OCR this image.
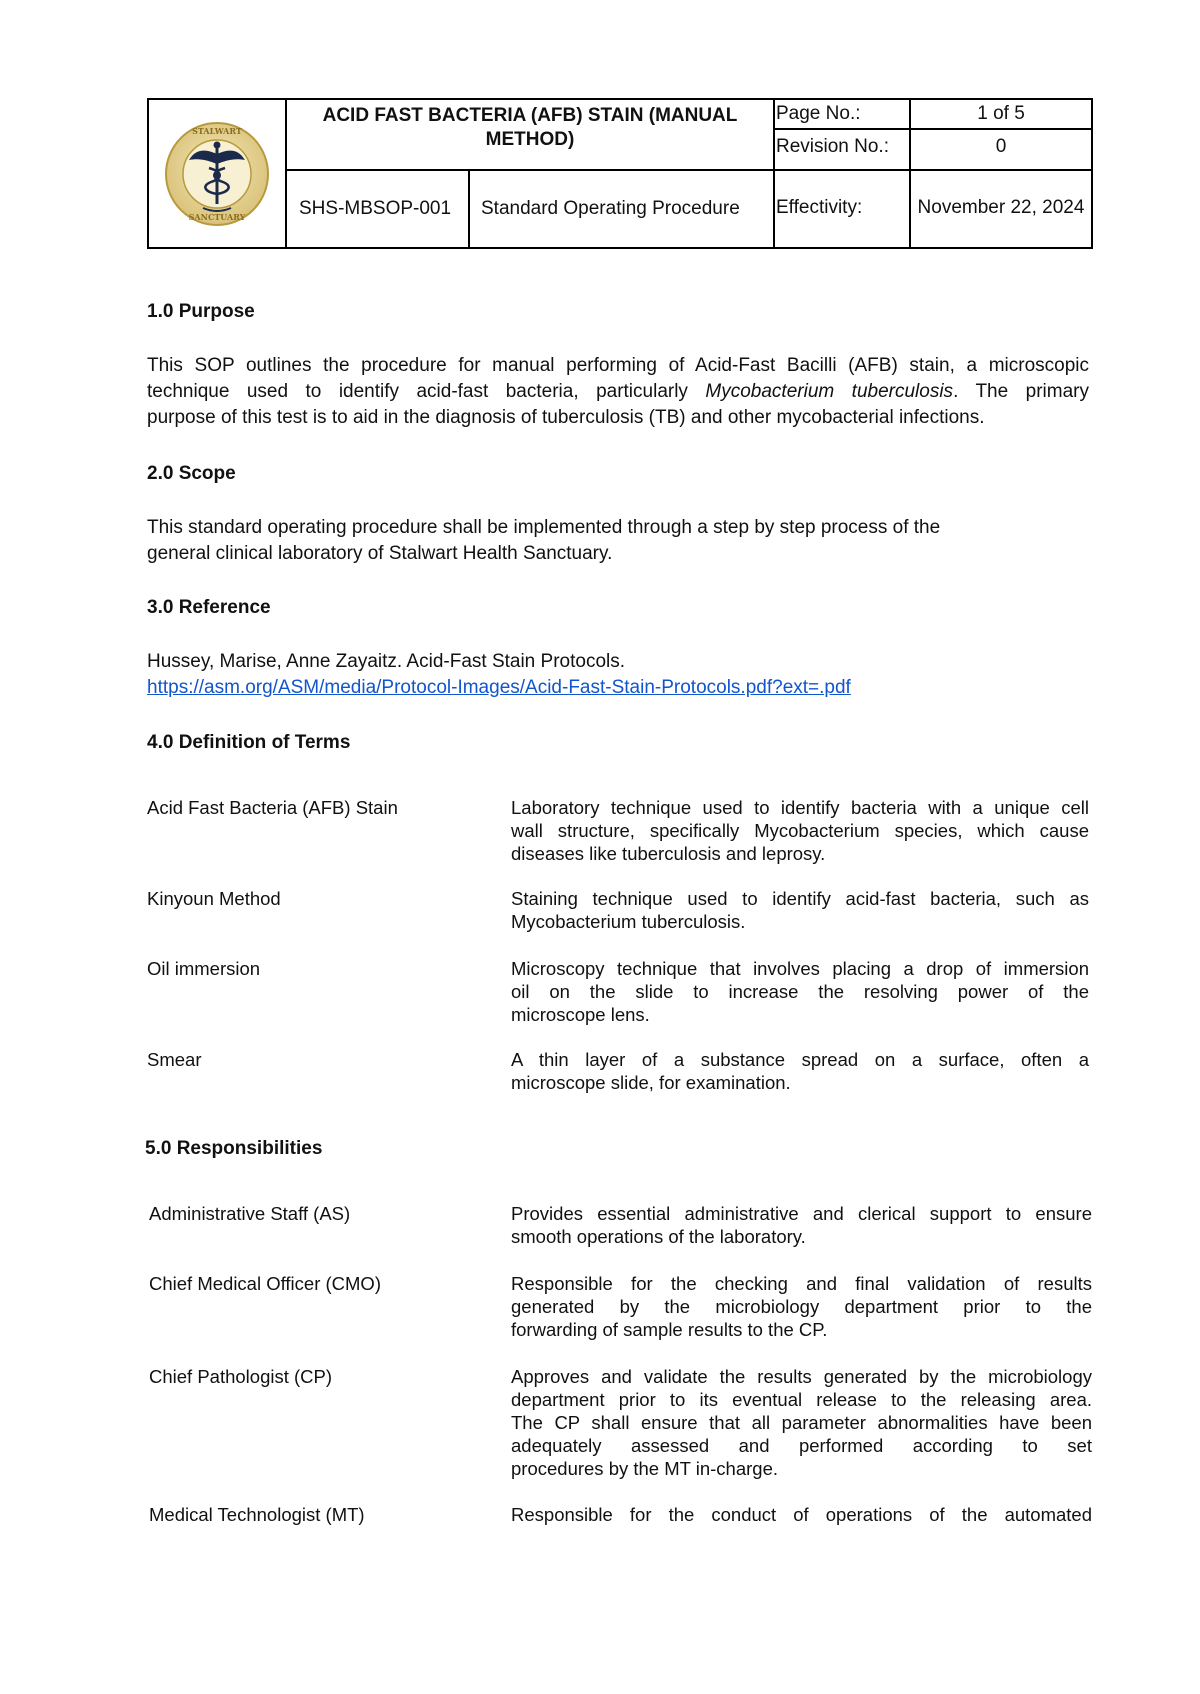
STALWART
SANCTUARY
ACID FAST BACTERIA (AFB) STAIN (MANUAL METHOD)
SHS-MBSOP-001	Standard Operating Procedure
Page No.:	1 of 5
Revision No.:	0
Effectivity:	November 22, 2024
1.0 Purpose
This SOP outlines the procedure for manual performing of Acid-Fast Bacilli (AFB) stain, a microscopic
technique used to identify acid-fast bacteria, particularly Mycobacterium tuberculosis. The primary
purpose of this test is to aid in the diagnosis of tuberculosis (TB) and other mycobacterial infections.
2.0 Scope
This standard operating procedure shall be implemented through a step by step process of the
general clinical laboratory of Stalwart Health Sanctuary.
3.0 Reference
Hussey, Marise, Anne Zayaitz. Acid-Fast Stain Protocols.
https://asm.org/ASM/media/Protocol-Images/Acid-Fast-Stain-Protocols.pdf?ext=.pdf
4.0 Definition of Terms
Acid Fast Bacteria (AFB) Stain	Laboratory technique used to identify bacteria with a unique cell
wall structure, specifically Mycobacterium species, which cause
diseases like tuberculosis and leprosy.
Kinyoun Method	Staining technique used to identify acid-fast bacteria, such as
Mycobacterium tuberculosis.
Oil immersion	Microscopy technique that involves placing a drop of immersion
oil on the slide to increase the resolving power of the
microscope lens.
Smear	A thin layer of a substance spread on a surface, often a
microscope slide, for examination.
5.0 Responsibilities
Administrative Staff (AS)	Provides essential administrative and clerical support to ensure
smooth operations of the laboratory.
Chief Medical Officer (CMO)	Responsible for the checking and final validation of results
generated by the microbiology department prior to the
forwarding of sample results to the CP.
Chief Pathologist (CP)	Approves and validate the results generated by the microbiology
department prior to its eventual release to the releasing area.
The CP shall ensure that all parameter abnormalities have been
adequately assessed and performed according to set
procedures by the MT in-charge.
Medical Technologist (MT)	Responsible for the conduct of operations of the automated
